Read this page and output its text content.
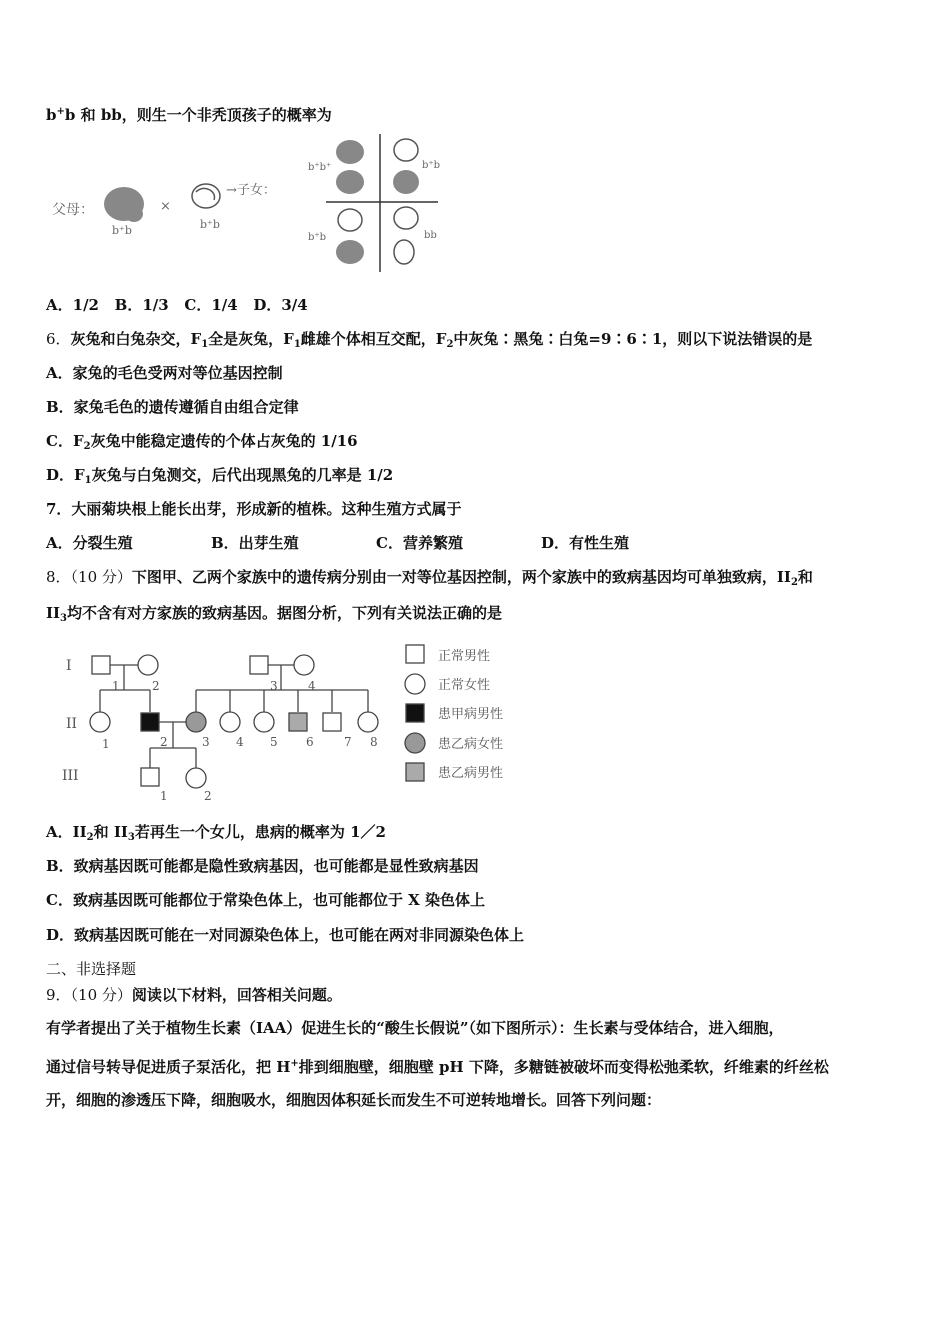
b+b 和 bb，则生一个非秃顶孩子的概率为
父母：
b⁺b
×
b⁺b
→子女：
b⁺b⁺	b⁺b
b⁺b	bb
A．1/2 B．1/3 C．1/4 D．3/4
6．灰兔和白兔杂交，$F_1$全是灰兔，$F_1$雌雄个体相互交配，$F_2$中灰兔∶黑兔∶白兔=9∶6∶1，则以下说法错误的是
A．家兔的毛色受两对等位基因控制
B．家兔毛色的遗传遵循自由组合定律
C．$F_2$灰兔中能稳定遗传的个体占灰兔的 1/16
D．$F_1$灰兔与白兔测交，后代出现黑兔的几率是 1/2
7．大丽菊块根上能长出芽，形成新的植株。这种生殖方式属于
A．分裂生殖	B．出芽生殖	C．营养繁殖	D．有性生殖
8．（10 分）下图甲、乙两个家族中的遗传病分别由一对等位基因控制，两个家族中的致病基因均可单独致病，$II_2$和
$II_3$均不含有对方家族的致病基因。据图分析，下列有关说法正确的是
I
II
III
1	2	3	4
1	2	3 4 5 6	7 8
1	2
正常男性
正常女性
患甲病男性
患乙病女性
患乙病男性
A．$II_2$和 $II_3$若再生一个女儿，患病的概率为 1／2
B．致病基因既可能都是隐性致病基因，也可能都是显性致病基因
C．致病基因既可能都位于常染色体上，也可能都位于 X 染色体上
D．致病基因既可能在一对同源染色体上，也可能在两对非同源染色体上
二、非选择题
9．（10 分）阅读以下材料，回答相关问题。
有学者提出了关于植物生长素（IAA）促进生长的“酸生长假说”（如下图所示）：生长素与受体结合，进入细胞，
通过信号转导促进质子泵活化，把 H+排到细胞壁，细胞壁 pH 下降，多糖链被破坏而变得松弛柔软，纤维素的纤丝松
开，细胞的渗透压下降，细胞吸水，细胞因体积延长而发生不可逆转地增长。回答下列问题：
